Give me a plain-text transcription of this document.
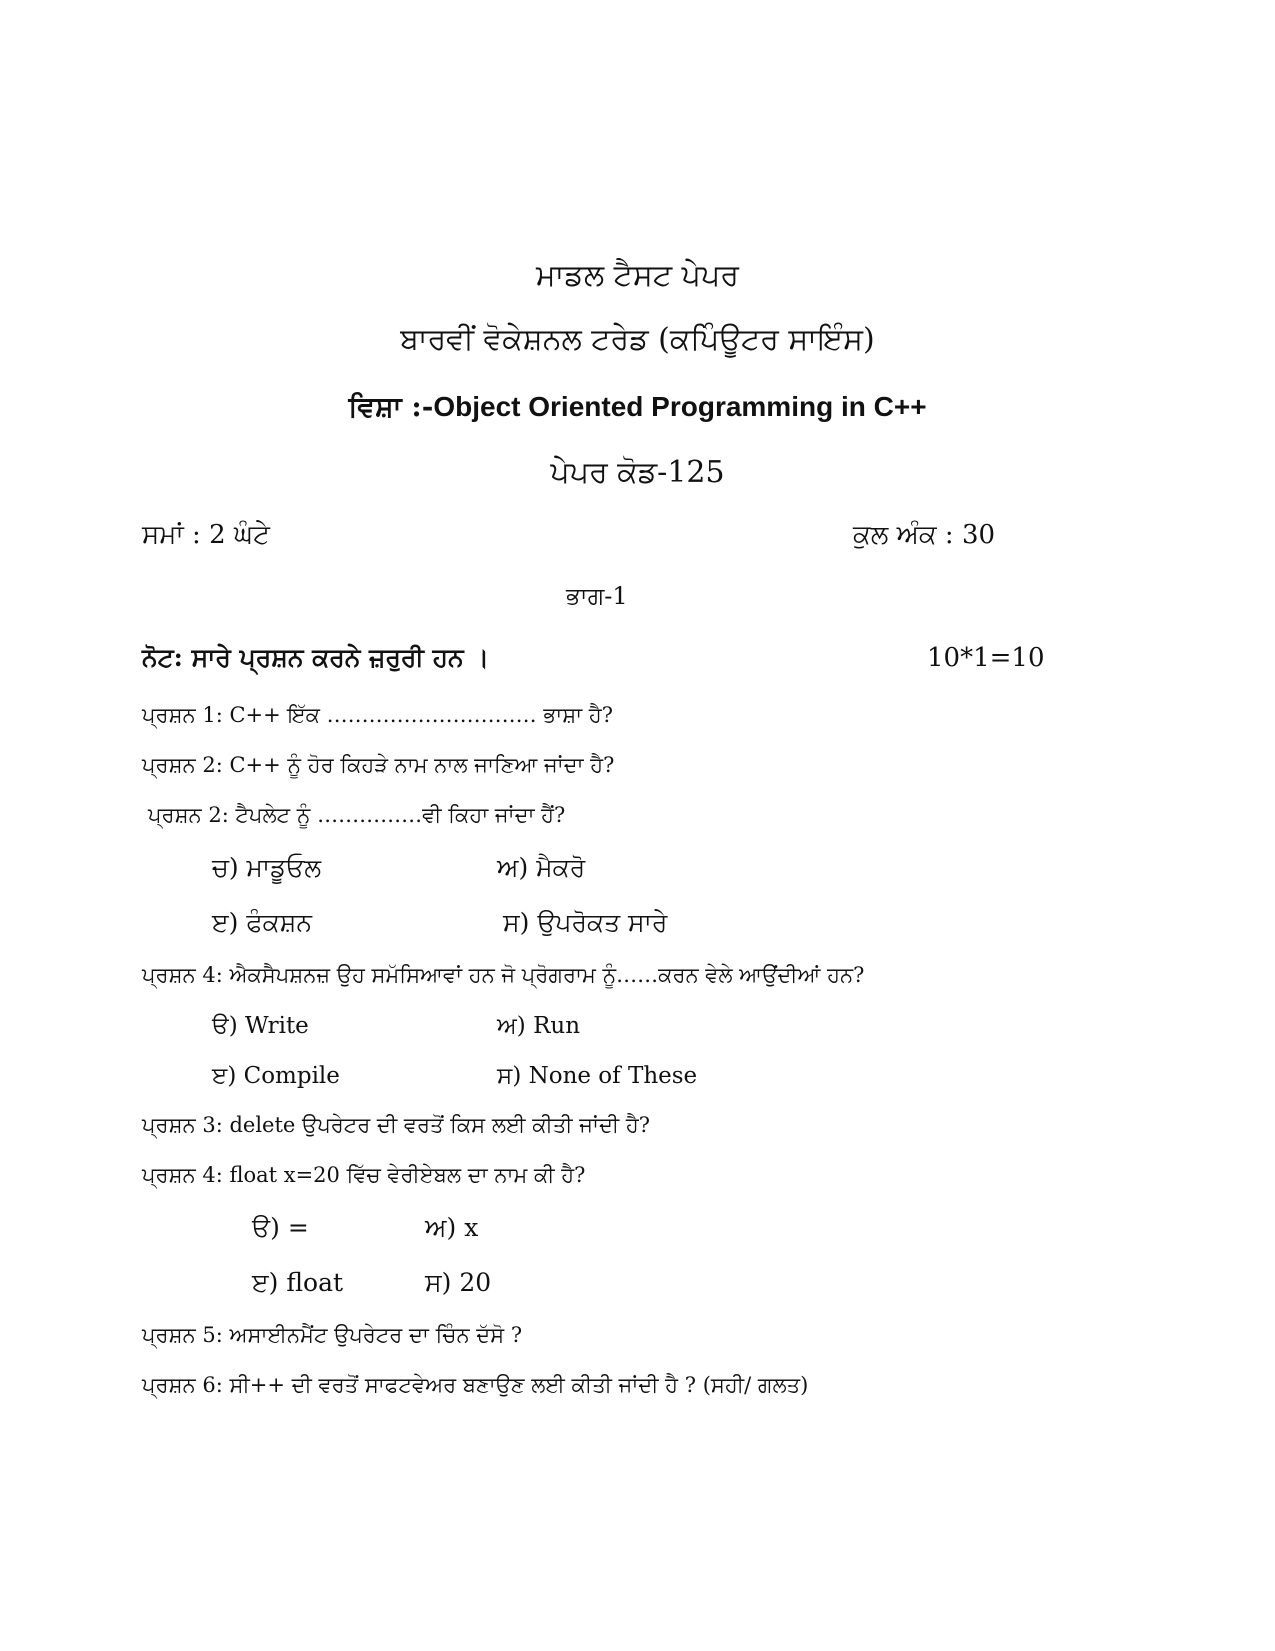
ਮਾਡਲ ਟੈਸਟ ਪੇਪਰ
ਬਾਰਵੀਂ ਵੋਕੇਸ਼ਨਲ ਟਰੇਡ (ਕਪਿੰਊਟਰ ਸਾਇੰਸ)
ਵਿਸ਼ਾ :-Object Oriented Programming in C++
ਪੇਪਰ ਕੋਡ-125
ਸਮਾਂ : 2 ਘੰਟੇ	ਕੁਲ ਅੰਕ : 30
ਭਾਗ-1
ਨੋਟ: ਸਾਰੇ ਪ੍ਰਸ਼ਨ ਕਰਨੇ ਜ਼ਰੁਰੀ ਹਨ ।	10*1=10
ਪ੍ਰਸ਼ਨ 1: C++ ਇੱਕ ………………………… ਭਾਸ਼ਾ ਹੈ?
ਪ੍ਰਸ਼ਨ 2: C++ ਨੂੰ ਹੋਰ ਕਿਹੜੇ ਨਾਮ ਨਾਲ ਜਾਣਿਆ ਜਾਂਦਾ ਹੈ?
ਪ੍ਰਸ਼ਨ 2: ਟੈਪਲੇਟ ਨੂੰ ……………ਵੀ ਕਿਹਾ ਜਾਂਦਾ ਹੈਂ?
ਚ) ਮਾਡੂਓਲ	ਅ) ਮੈਕਰੋ
ੲ) ਫੰਕਸ਼ਨ	ਸ) ਉਪਰੋਕਤ ਸਾਰੇ
ਪ੍ਰਸ਼ਨ 4: ਐਕਸੈਪਸ਼ਨਜ਼ ਉਹ ਸਮੱਸਿਆਵਾਂ ਹਨ ਜੋ ਪ੍ਰੋਗਰਾਮ ਨੂੰ……ਕਰਨ ਵੇਲੇ ਆਉਂਦੀਆਂ ਹਨ?
ੳ) Write	ਅ) Run
ੲ) Compile	ਸ) None of These
ਪ੍ਰਸ਼ਨ 3: delete ਉਪਰੇਟਰ ਦੀ ਵਰਤੋਂ ਕਿਸ ਲਈ ਕੀਤੀ ਜਾਂਦੀ ਹੈ?
ਪ੍ਰਸ਼ਨ 4: float x=20 ਵਿੱਚ ਵੇਰੀਏਬਲ ਦਾ ਨਾਮ ਕੀ ਹੈ?
ੳ) =	ਅ) x
ੲ) float	ਸ) 20
ਪ੍ਰਸ਼ਨ 5: ਅਸਾਈਨਮੈਂਟ ਉਪਰੇਟਰ ਦਾ ਚਿੰਨ ਦੱਸੋ ?
ਪ੍ਰਸ਼ਨ 6: ਸੀ++ ਦੀ ਵਰਤੋਂ ਸਾਫਟਵੇਅਰ ਬਣਾਉਣ ਲਈ ਕੀਤੀ ਜਾਂਦੀ ਹੈ ? (ਸਹੀ/ ਗਲਤ)
